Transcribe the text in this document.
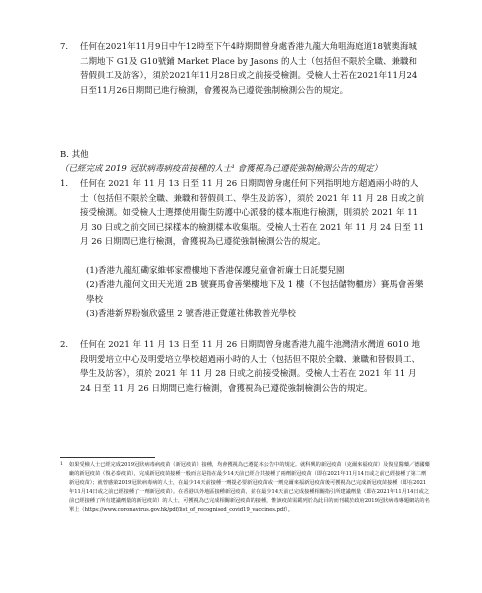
7.	任何在2021年11月9日中午12時至下午4時期間曾身處香港九龍大角咀海庭道18號奧海城二期地下 G1及 G10號鋪 Market Place by Jasons 的人士（包括但不限於全職、兼職和替假員工及訪客），須於2021年11月28日或之前接受檢測。受檢人士若在2021年11月24日至11月26日期間已進行檢測，會獲視為已遵從強制檢測公告的規定。

B. 其他
（已經完成 2019 冠狀病毒病疫苗接種的人士¹ 會獲視為已遵從強制檢測公告的規定）
1.	任何在 2021 年 11 月 13 日至 11 月 26 日期間曾身處任何下列指明地方超過兩小時的人士（包括但不限於全職、兼職和替假員工、學生及訪客），須於 2021 年 11 月 28 日或之前接受檢測。如受檢人士選擇使用衞生防護中心派發的樣本瓶進行檢測，則須於 2021 年 11 月 30 日或之前交回已採樣本的檢測樣本收集瓶。受檢人士若在 2021 年 11 月 24 日至 11 月 26 日期間已進行檢測，會獲視為已遵從強制檢測公告的規定。

(1)香港九龍紅磡家維邨家禮樓地下香港保護兒童會祈廉士日託嬰兒園
(2)香港九龍何文田天光道 2B 號賽馬會善樂樓地下及 1 樓（不包括儲物櫃房）賽馬會善樂學校
(3)香港新界粉嶺欣盛里 2 號香港正覺蓮社佛教普光學校
2.	任何在 2021 年 11 月 13 日至 11 月 26 日期間曾身處香港九龍牛池灣清水灣道 6010 地段明愛培立中心及明愛培立學校超過兩小時的人士（包括但不限於全職、兼職和替假員工、學生及訪客），須於 2021 年 11 月 28 日或之前接受檢測。受檢人士若在 2021 年 11 月 24 日至 11 月 26 日期間已進行檢測，會獲視為已遵從強制檢測公告的規定。

1	如果受檢人士已經完成2019冠狀病毒病疫苗（新冠疫苗）接種，均會獲視為已遵從本公告中的規定。就科興的新冠疫苗（克爾來福疫苗）及復星醫藥／德國藥廠的新冠疫苗（復必泰疫苗），完成新冠疫苗接種一般而言是指在最少14天前已經合共接種了兩劑新冠疫苗（即在2021年11月14日或之前已經接種了第二劑新冠疫苗）；就曾感染2019冠狀病毒病的人士，在最少14天前接種一劑提必要新冠疫苗或一劑克爾來福新冠疫苗後可獲視為已完成新冠疫苗接種（即在2021年11月14日或之前已經接種了一劑新冠疫苗）。在香港以外地區接種新冠疫苗，並在最少14天前已完成接種相關指引所建議劑量（即在2021年11月14日或之前已經接種了所有建議劑量的新冠疫苗）的人士，可獲視為已完成相關新冠疫苗的接種，惟該疫苗需載列於為此目的而刊載於政府2019冠狀病毒專題網站的名單上（https://www.coronavirus.gov.hk/pdf/list_of_recognised_covid19_vaccines.pdf）。
